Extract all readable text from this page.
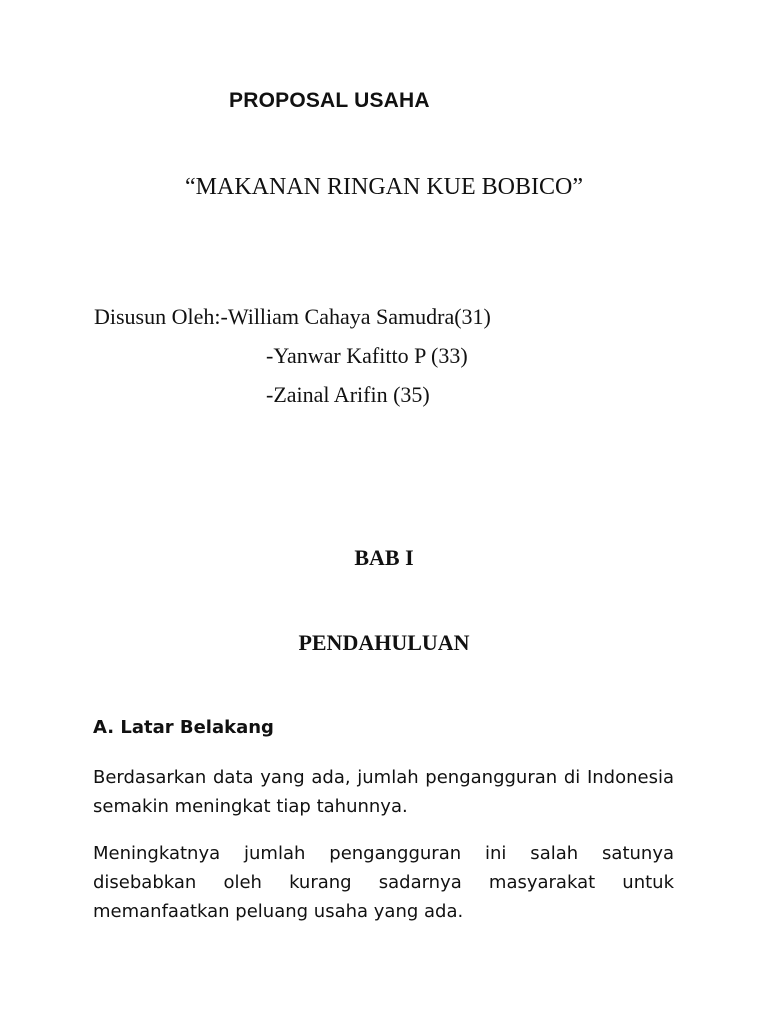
PROPOSAL USAHA
“MAKANAN RINGAN KUE BOBICO”
Disusun Oleh:-William Cahaya Samudra(31)
-Yanwar Kafitto P (33)
-Zainal Arifin (35)
BAB I
PENDAHULUAN
A. Latar Belakang
Berdasarkan data yang ada, jumlah pengangguran di Indonesia semakin meningkat tiap tahunnya.
Meningkatnya jumlah pengangguran ini salah satunya disebabkan oleh kurang sadarnya masyarakat untuk memanfaatkan peluang usaha yang ada.
